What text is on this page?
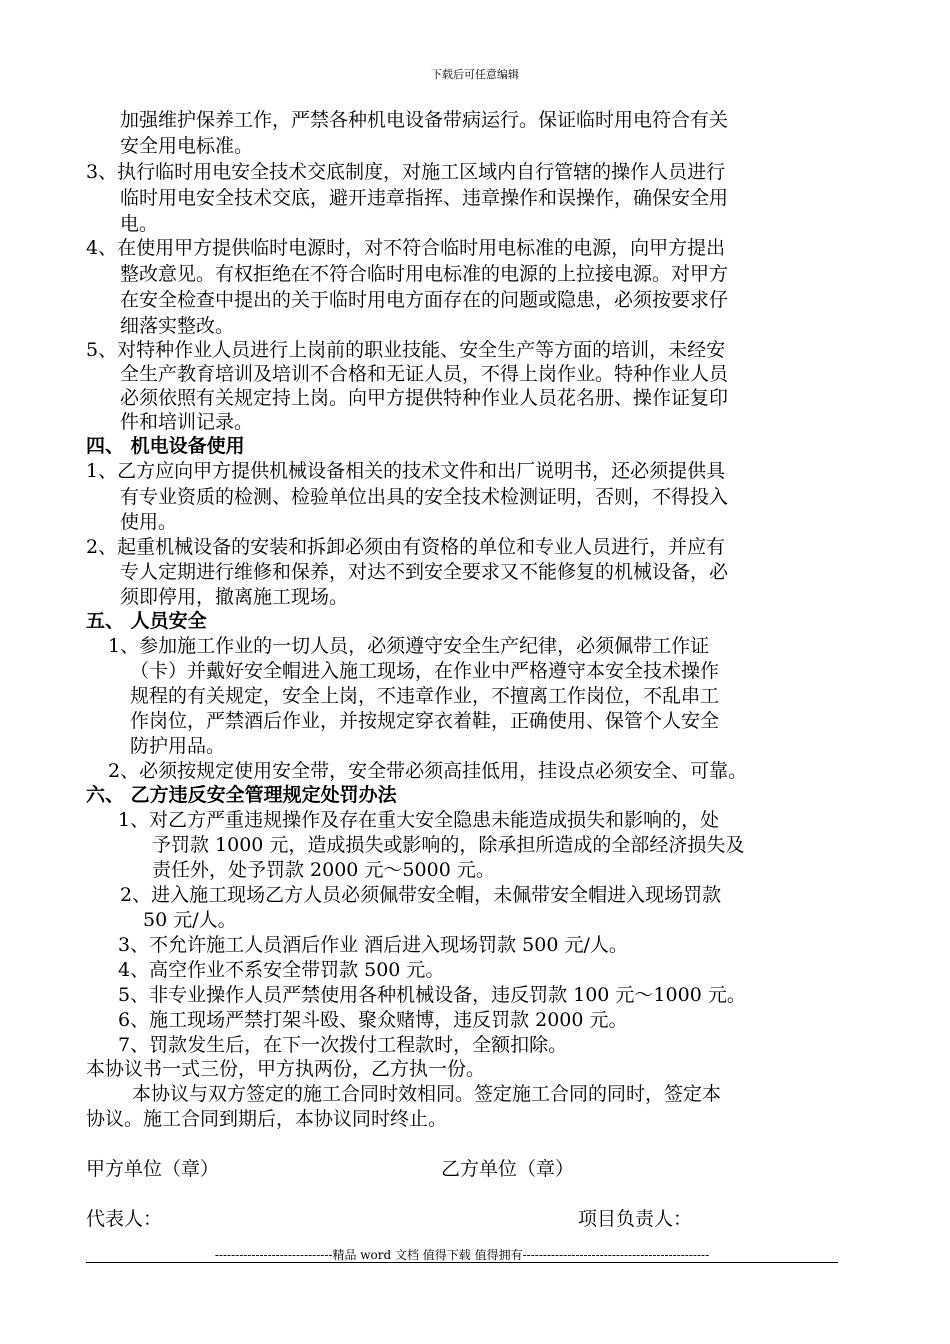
下载后可任意编辑
加强维护保养工作，严禁各种机电设备带病运行。保证临时用电符合有关
安全用电标准。
3、执行临时用电安全技术交底制度，对施工区域内自行管辖的操作人员进行
临时用电安全技术交底，避开违章指挥、违章操作和误操作，确保安全用
电。
4、在使用甲方提供临时电源时，对不符合临时用电标准的电源，向甲方提出
整改意见。有权拒绝在不符合临时用电标准的电源的上拉接电源。对甲方
在安全检查中提出的关于临时用电方面存在的问题或隐患，必须按要求仔
细落实整改。
5、对特种作业人员进行上岗前的职业技能、安全生产等方面的培训，未经安
全生产教育培训及培训不合格和无证人员，不得上岗作业。特种作业人员
必须依照有关规定持上岗。向甲方提供特种作业人员花名册、操作证复印
件和培训记录。
四、 机电设备使用
1、乙方应向甲方提供机械设备相关的技术文件和出厂说明书，还必须提供具
有专业资质的检测、检验单位出具的安全技术检测证明，否则，不得投入
使用。
2、起重机械设备的安装和拆卸必须由有资格的单位和专业人员进行，并应有
专人定期进行维修和保养，对达不到安全要求又不能修复的机械设备，必
须即停用，撤离施工现场。
五、 人员安全
1、参加施工作业的一切人员，必须遵守安全生产纪律，必须佩带工作证
（卡）并戴好安全帽进入施工现场，在作业中严格遵守本安全技术操作
规程的有关规定，安全上岗，不违章作业，不擅离工作岗位，不乱串工
作岗位，严禁酒后作业，并按规定穿衣着鞋，正确使用、保管个人安全
防护用品。
2、必须按规定使用安全带，安全带必须高挂低用，挂设点必须安全、可靠。
六、 乙方违反安全管理规定处罚办法
1、对乙方严重违规操作及存在重大安全隐患未能造成损失和影响的，处
予罚款 1000 元，造成损失或影响的，除承担所造成的全部经济损失及
责任外，处予罚款 2000 元～5000 元。
2、进入施工现场乙方人员必须佩带安全帽，未佩带安全帽进入现场罚款
50 元/人。
3、不允许施工人员酒后作业 酒后进入现场罚款 500 元/人。
4、高空作业不系安全带罚款 500 元。
5、非专业操作人员严禁使用各种机械设备，违反罚款 100 元～1000 元。
6、施工现场严禁打架斗殴、聚众赌博，违反罚款 2000 元。
7、罚款发生后，在下一次拨付工程款时，全额扣除。
本协议书一式三份，甲方执两份，乙方执一份。
本协议与双方签定的施工合同时效相同。签定施工合同的同时，签定本
协议。施工合同到期后，本协议同时终止。
甲方单位（章）	乙方单位（章）
代表人：	项目负责人：
-----------------------------精品 word 文档 值得下载 值得拥有----------------------------------------------
